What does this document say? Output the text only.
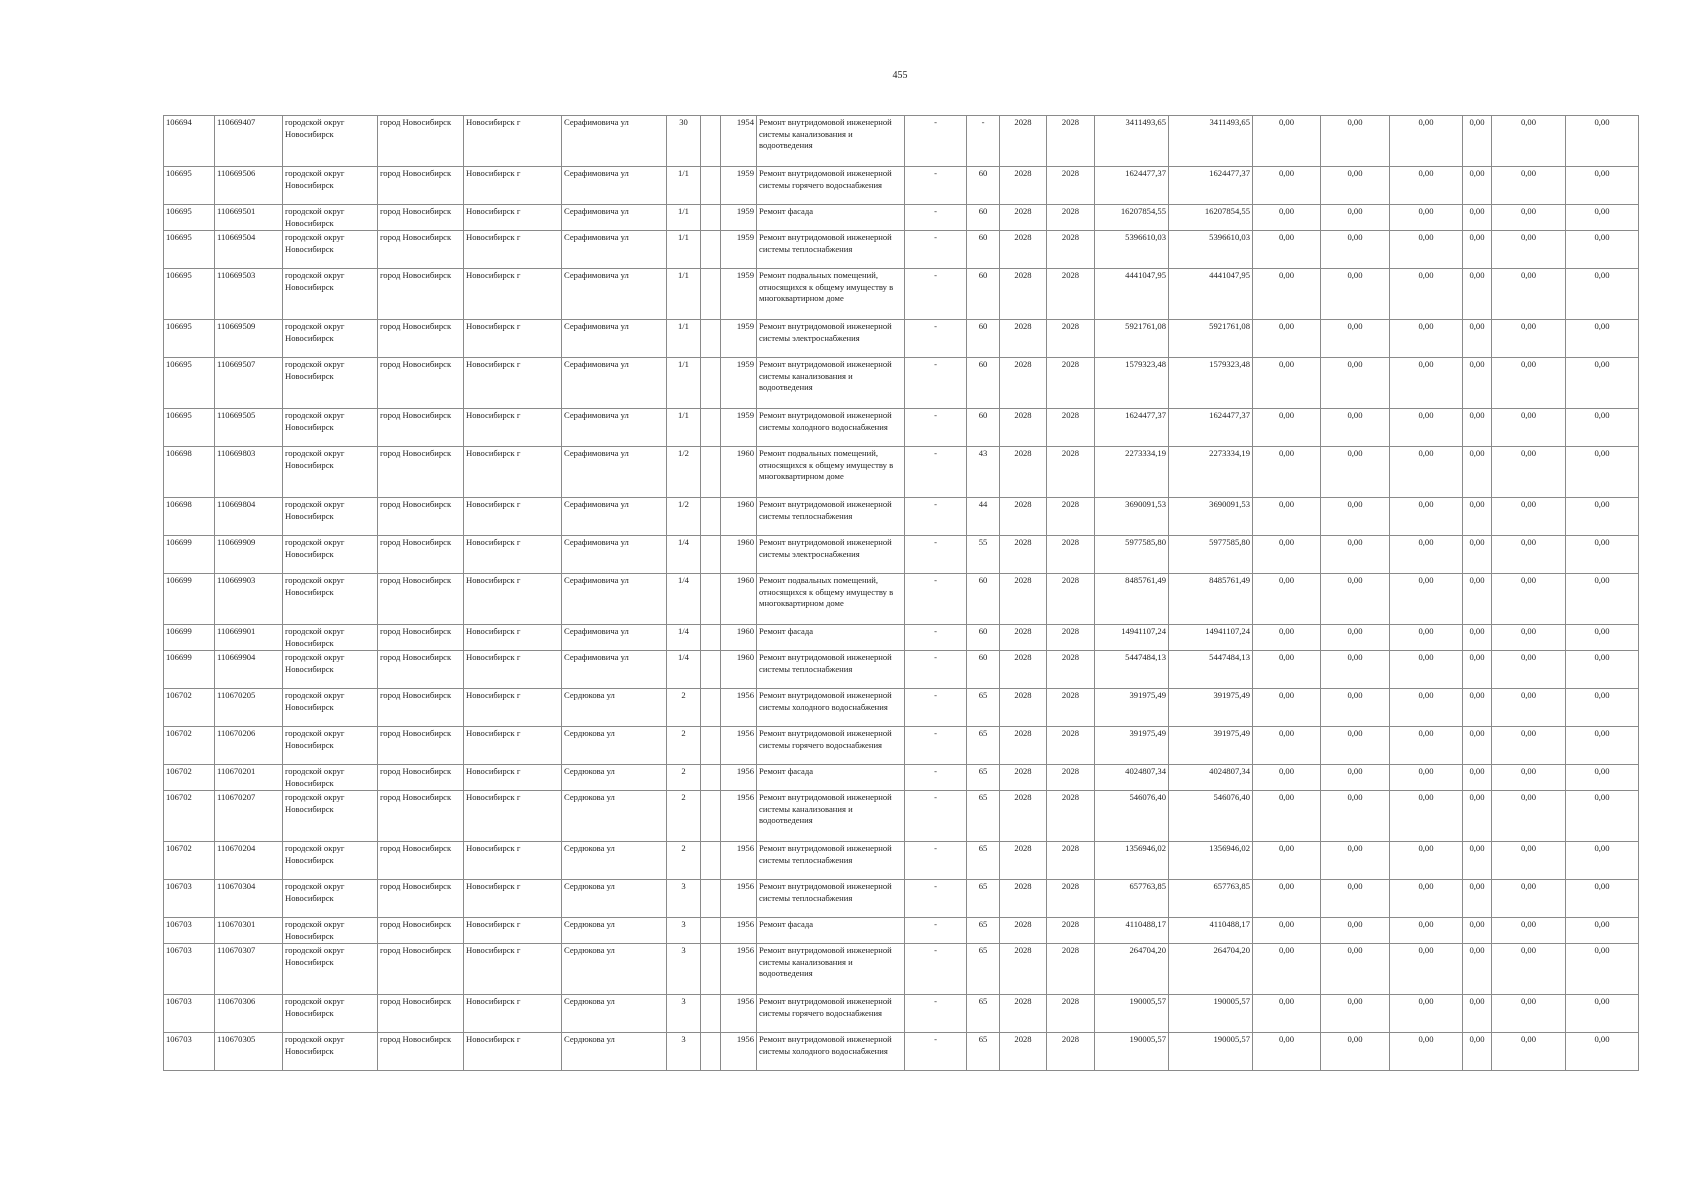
455
106694	110669407	городской округ Новосибирск	город Новосибирск	Новосибирск г	Серафимовича ул	30		1954	Ремонт внутридомовой инженерной системы канализования и водоотведения	-	-	2028	2028	3411493,65	3411493,65	0,00	0,00	0,00	0,00	0,00	0,00
106695	110669506	городской округ Новосибирск	город Новосибирск	Новосибирск г	Серафимовича ул	1/1		1959	Ремонт внутридомовой инженерной системы горячего водоснабжения	-	60	2028	2028	1624477,37	1624477,37	0,00	0,00	0,00	0,00	0,00	0,00
106695	110669501	городской округ Новосибирск	город Новосибирск	Новосибирск г	Серафимовича ул	1/1		1959	Ремонт фасада	-	60	2028	2028	16207854,55	16207854,55	0,00	0,00	0,00	0,00	0,00	0,00
106695	110669504	городской округ Новосибирск	город Новосибирск	Новосибирск г	Серафимовича ул	1/1		1959	Ремонт внутридомовой инженерной системы теплоснабжения	-	60	2028	2028	5396610,03	5396610,03	0,00	0,00	0,00	0,00	0,00	0,00
106695	110669503	городской округ Новосибирск	город Новосибирск	Новосибирск г	Серафимовича ул	1/1		1959	Ремонт подвальных помещений, относящихся к общему имуществу в многоквартирном доме	-	60	2028	2028	4441047,95	4441047,95	0,00	0,00	0,00	0,00	0,00	0,00
106695	110669509	городской округ Новосибирск	город Новосибирск	Новосибирск г	Серафимовича ул	1/1		1959	Ремонт внутридомовой инженерной системы электроснабжения	-	60	2028	2028	5921761,08	5921761,08	0,00	0,00	0,00	0,00	0,00	0,00
106695	110669507	городской округ Новосибирск	город Новосибирск	Новосибирск г	Серафимовича ул	1/1		1959	Ремонт внутридомовой инженерной системы канализования и водоотведения	-	60	2028	2028	1579323,48	1579323,48	0,00	0,00	0,00	0,00	0,00	0,00
106695	110669505	городской округ Новосибирск	город Новосибирск	Новосибирск г	Серафимовича ул	1/1		1959	Ремонт внутридомовой инженерной системы холодного водоснабжения	-	60	2028	2028	1624477,37	1624477,37	0,00	0,00	0,00	0,00	0,00	0,00
106698	110669803	городской округ Новосибирск	город Новосибирск	Новосибирск г	Серафимовича ул	1/2		1960	Ремонт подвальных помещений, относящихся к общему имуществу в многоквартирном доме	-	43	2028	2028	2273334,19	2273334,19	0,00	0,00	0,00	0,00	0,00	0,00
106698	110669804	городской округ Новосибирск	город Новосибирск	Новосибирск г	Серафимовича ул	1/2		1960	Ремонт внутридомовой инженерной системы теплоснабжения	-	44	2028	2028	3690091,53	3690091,53	0,00	0,00	0,00	0,00	0,00	0,00
106699	110669909	городской округ Новосибирск	город Новосибирск	Новосибирск г	Серафимовича ул	1/4		1960	Ремонт внутридомовой инженерной системы электроснабжения	-	55	2028	2028	5977585,80	5977585,80	0,00	0,00	0,00	0,00	0,00	0,00
106699	110669903	городской округ Новосибирск	город Новосибирск	Новосибирск г	Серафимовича ул	1/4		1960	Ремонт подвальных помещений, относящихся к общему имуществу в многоквартирном доме	-	60	2028	2028	8485761,49	8485761,49	0,00	0,00	0,00	0,00	0,00	0,00
106699	110669901	городской округ Новосибирск	город Новосибирск	Новосибирск г	Серафимовича ул	1/4		1960	Ремонт фасада	-	60	2028	2028	14941107,24	14941107,24	0,00	0,00	0,00	0,00	0,00	0,00
106699	110669904	городской округ Новосибирск	город Новосибирск	Новосибирск г	Серафимовича ул	1/4		1960	Ремонт внутридомовой инженерной системы теплоснабжения	-	60	2028	2028	5447484,13	5447484,13	0,00	0,00	0,00	0,00	0,00	0,00
106702	110670205	городской округ Новосибирск	город Новосибирск	Новосибирск г	Сердюкова ул	2		1956	Ремонт внутридомовой инженерной системы холодного водоснабжения	-	65	2028	2028	391975,49	391975,49	0,00	0,00	0,00	0,00	0,00	0,00
106702	110670206	городской округ Новосибирск	город Новосибирск	Новосибирск г	Сердюкова ул	2		1956	Ремонт внутридомовой инженерной системы горячего водоснабжения	-	65	2028	2028	391975,49	391975,49	0,00	0,00	0,00	0,00	0,00	0,00
106702	110670201	городской округ Новосибирск	город Новосибирск	Новосибирск г	Сердюкова ул	2		1956	Ремонт фасада	-	65	2028	2028	4024807,34	4024807,34	0,00	0,00	0,00	0,00	0,00	0,00
106702	110670207	городской округ Новосибирск	город Новосибирск	Новосибирск г	Сердюкова ул	2		1956	Ремонт внутридомовой инженерной системы канализования и водоотведения	-	65	2028	2028	546076,40	546076,40	0,00	0,00	0,00	0,00	0,00	0,00
106702	110670204	городской округ Новосибирск	город Новосибирск	Новосибирск г	Сердюкова ул	2		1956	Ремонт внутридомовой инженерной системы теплоснабжения	-	65	2028	2028	1356946,02	1356946,02	0,00	0,00	0,00	0,00	0,00	0,00
106703	110670304	городской округ Новосибирск	город Новосибирск	Новосибирск г	Сердюкова ул	3		1956	Ремонт внутридомовой инженерной системы теплоснабжения	-	65	2028	2028	657763,85	657763,85	0,00	0,00	0,00	0,00	0,00	0,00
106703	110670301	городской округ Новосибирск	город Новосибирск	Новосибирск г	Сердюкова ул	3		1956	Ремонт фасада	-	65	2028	2028	4110488,17	4110488,17	0,00	0,00	0,00	0,00	0,00	0,00
106703	110670307	городской округ Новосибирск	город Новосибирск	Новосибирск г	Сердюкова ул	3		1956	Ремонт внутридомовой инженерной системы канализования и водоотведения	-	65	2028	2028	264704,20	264704,20	0,00	0,00	0,00	0,00	0,00	0,00
106703	110670306	городской округ Новосибирск	город Новосибирск	Новосибирск г	Сердюкова ул	3		1956	Ремонт внутридомовой инженерной системы горячего водоснабжения	-	65	2028	2028	190005,57	190005,57	0,00	0,00	0,00	0,00	0,00	0,00
106703	110670305	городской округ Новосибирск	город Новосибирск	Новосибирск г	Сердюкова ул	3		1956	Ремонт внутридомовой инженерной системы холодного водоснабжения	-	65	2028	2028	190005,57	190005,57	0,00	0,00	0,00	0,00	0,00	0,00
